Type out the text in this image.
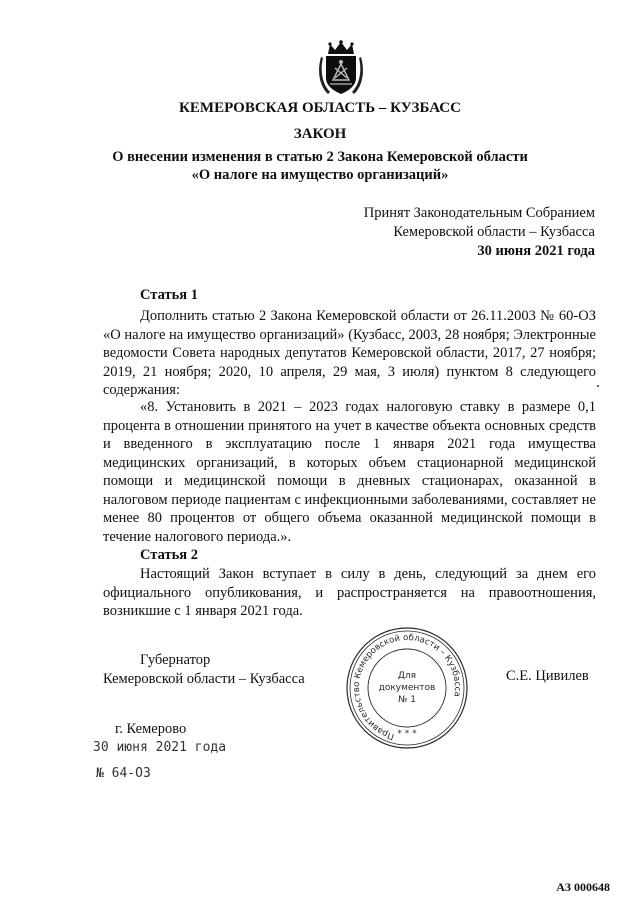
КЕМЕРОВСКАЯ ОБЛАСТЬ – КУЗБАСС
ЗАКОН
О внесении изменения в статью 2 Закона Кемеровской области
«О налоге на имущество организаций»
Принят Законодательным Собранием
Кемеровской области – Кузбасса
30 июня 2021 года
Статья 1
Дополнить статью 2 Закона Кемеровской области от 26.11.2003 № 60-ОЗ «О налоге на имущество организаций» (Кузбасс, 2003, 28 ноября; Электронные ведомости Совета народных депутатов Кемеровской области, 2017, 27 ноября; 2019, 21 ноября; 2020, 10 апреля, 29 мая, 3 июля) пунктом 8 следующего содержания:
«8. Установить в 2021 – 2023 годах налоговую ставку в размере 0,1 процента в отношении принятого на учет в качестве объекта основных средств и введенного в эксплуатацию после 1 января 2021 года имущества медицинских организаций, в которых объем стационарной медицинской помощи и медицинской помощи в дневных стационарах, оказанной в налоговом периоде пациентам с инфекционными заболеваниями, составляет не менее 80 процентов от общего объема оказанной медицинской помощи в течение налогового периода.».
Статья 2
Настоящий Закон вступает в силу в день, следующий за днем его официального опубликования, и распространяется на правоотношения, возникшие с 1 января 2021 года.
Губернатор
Кемеровской области – Кузбасса
Правительство Кемеровской области – Кузбасса
Для
документов
№ 1
* * *
С.Е. Цивилев
г. Кемерово
30 июня 2021 года
№ 64-ОЗ
АЗ 000648
